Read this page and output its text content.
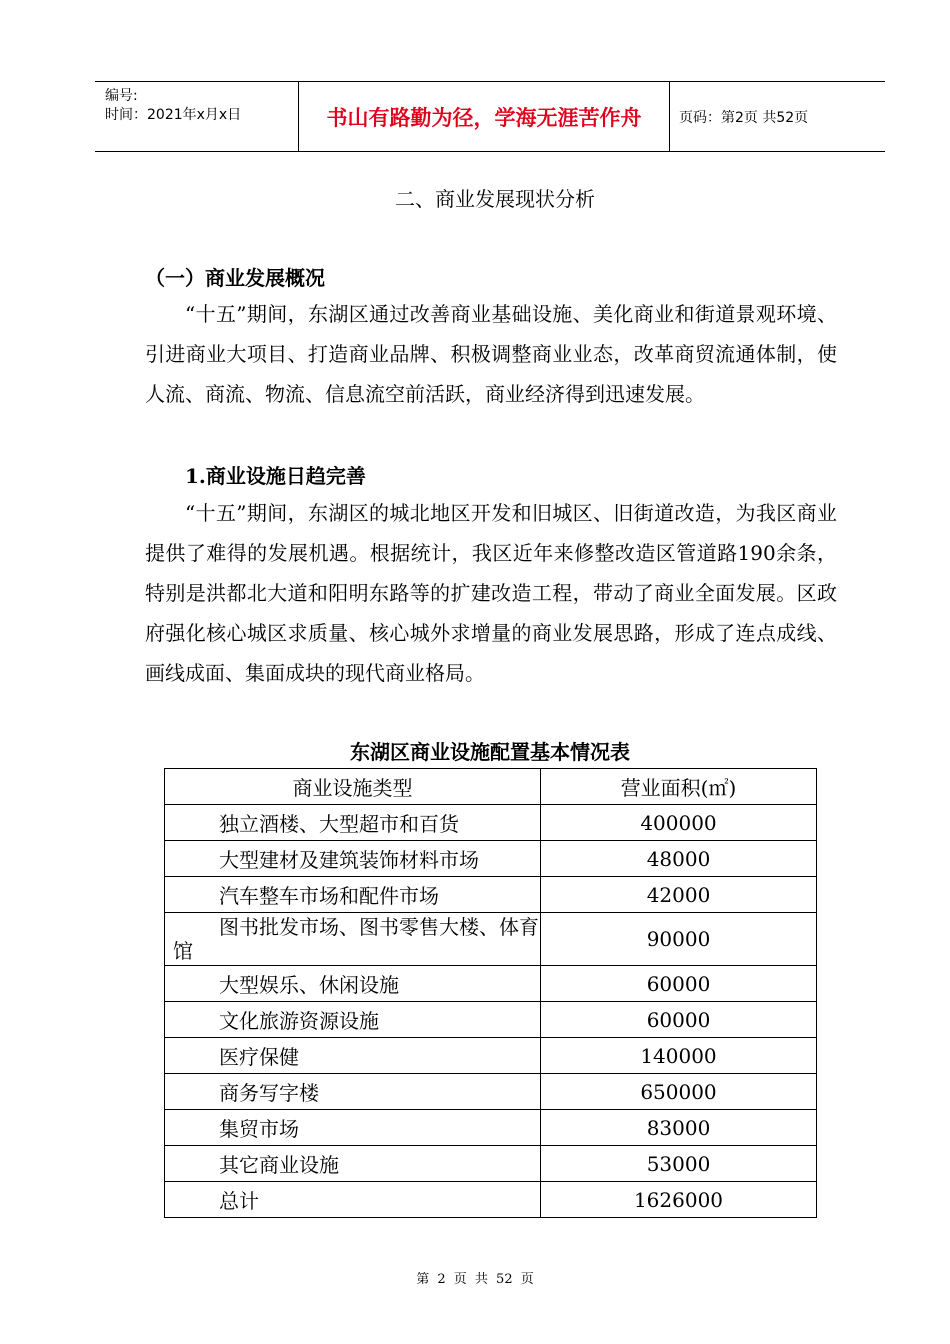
编号:
时间：2021年x月x日	书山有路勤为径，学海无涯苦作舟	页码：第2页 共52页
二、商业发展现状分析
（一）商业发展概况

“十五”期间，东湖区通过改善商业基础设施、美化商业和街道景观环境、引进商业大项目、打造商业品牌、积极调整商业业态，改革商贸流通体制，使人流、商流、物流、信息流空前活跃，商业经济得到迅速发展。

1.商业设施日趋完善

“十五”期间，东湖区的城北地区开发和旧城区、旧街道改造，为我区商业提供了难得的发展机遇。根据统计，我区近年来修整改造区管道路190余条，特别是洪都北大道和阳明东路等的扩建改造工程，带动了商业全面发展。区政府强化核心城区求质量、核心城外求增量的商业发展思路，形成了连点成线、画线成面、集面成块的现代商业格局。

东湖区商业设施配置基本情况表
商业设施类型	营业面积(㎡)
独立酒楼、大型超市和百货	400000
大型建材及建筑装饰材料市场	48000
汽车整车市场和配件市场	42000
图书批发市场、图书零售大楼、体育馆	90000
大型娱乐、休闲设施	60000
文化旅游资源设施	60000
医疗保健	140000
商务写字楼	650000
集贸市场	83000
其它商业设施	53000
总计	1626000
第 2 页 共 52 页
